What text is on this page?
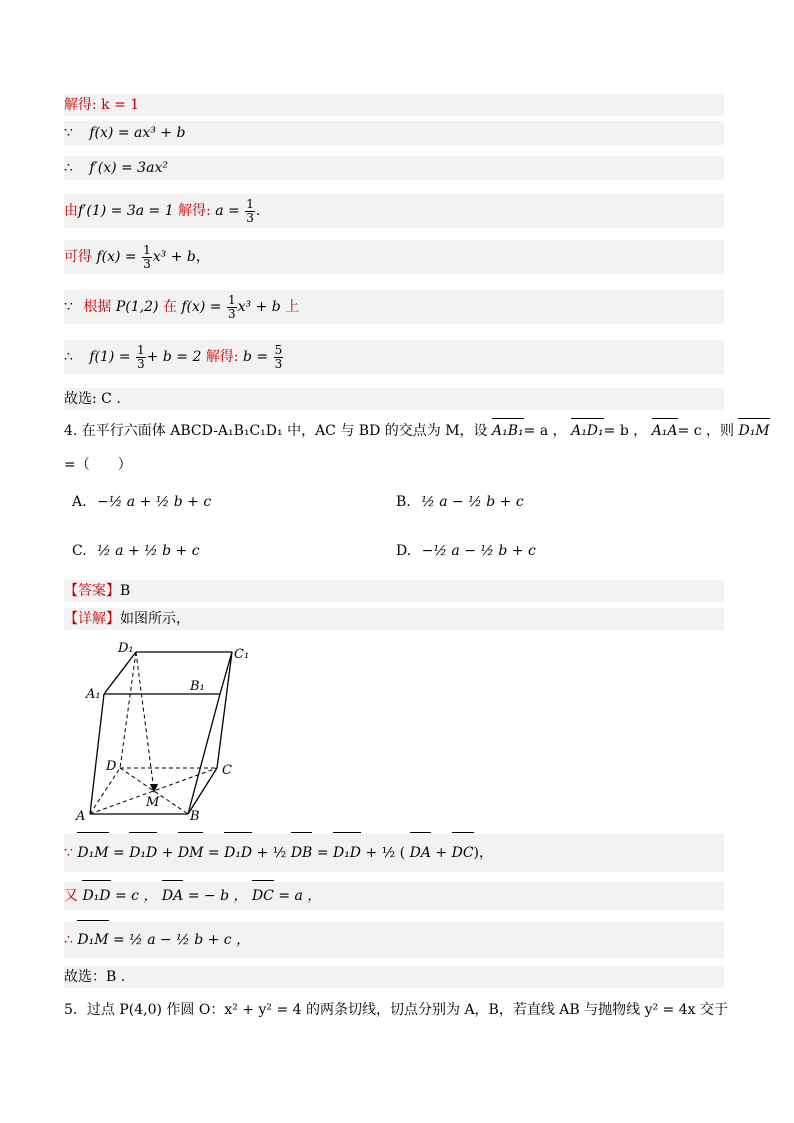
解得: k = 1
∵ f(x) = ax³ + b
∴ f′(x) = 3ax²
由f′(1) = 3a = 1 解得: $a = \frac{1}{3}$ .
可得 $f(x) = \frac{1}{3} x^3 + b$，
∵ 根据 P(1,2) 在 $f(x) = \frac{1}{3} x^3 + b$ 上
∴ $f(1) = \frac{1}{3} + b = 2$ 解得: $b = \frac{5}{3}$
故选: C .
4. 在平行六面体 ABCD-A₁B₁C₁D₁ 中，AC 与 BD 的交点为 M，设 A₁B₁= a ， A₁D₁= b ， A₁A= c ，则 D₁M
=（　　）
A. −½ a + ½ b + c	B. ½ a − ½ b + c
C. ½ a + ½ b + c	D. −½ a − ½ b + c
【答案】B
【详解】如图所示，
D₁	C₁
A₁
B₁
D	C
M
A	B
∵ D₁M = D₁D + DM = D₁D + ½ DB = D₁D + ½ ( DA + DC)，
又 D₁D = c ， DA = − b ， DC = a ，
∴ D₁M = ½ a − ½ b + c ，
故选：B .
5．过点 P(4,0) 作圆 O：x² + y² = 4 的两条切线，切点分别为 A，B，若直线 AB 与抛物线 y² = 4x 交于
